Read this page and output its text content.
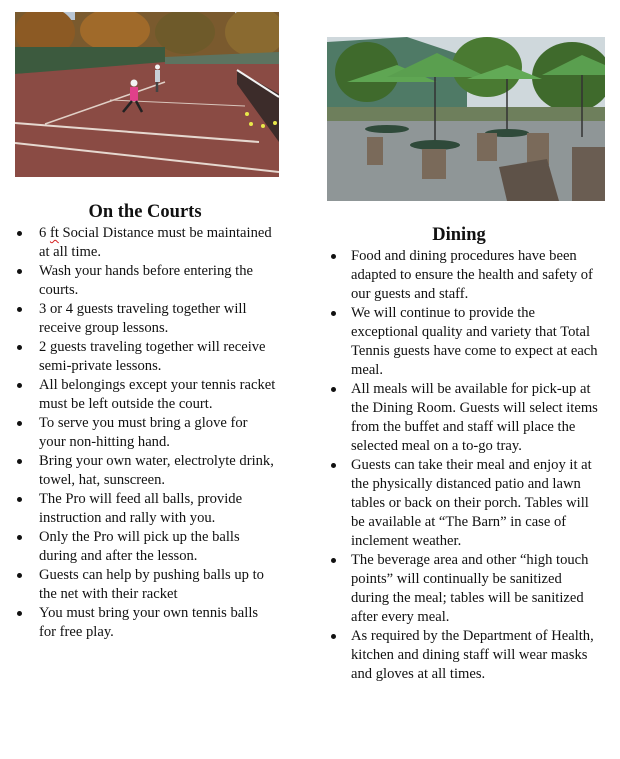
On the Courts
6 ft Social Distance must be maintained at all time.
Wash your hands before entering the courts.
3 or 4 guests traveling together will receive group lessons.
2 guests traveling together will receive semi-private lessons.
All belongings except your tennis racket must be left outside the court.
To serve you must bring a glove for your non-hitting hand.
Bring your own water, electrolyte drink, towel, hat, sunscreen.
The Pro will feed all balls, provide instruction and rally with you.
Only the Pro will pick up the balls during and after the lesson.
Guests can help by pushing balls up to the net with their racket
You must bring your own tennis balls for free play.
Dining
Food and dining procedures have been adapted to ensure the health and safety of our guests and staff.
We will continue to provide the exceptional quality and variety that Total Tennis guests have come to expect at each meal.
All meals will be available for pick-up at the Dining Room. Guests will select items from the buffet and staff will place the selected meal on a to-go tray.
Guests can take their meal and enjoy it at the physically distanced patio and lawn tables or back on their porch. Tables will be available at “The Barn” in case of inclement weather.
The beverage area and other “high touch points” will continually be sanitized during the meal; tables will be sanitized after every meal.
As required by the Department of Health, kitchen and dining staff will wear masks and gloves at all times.
